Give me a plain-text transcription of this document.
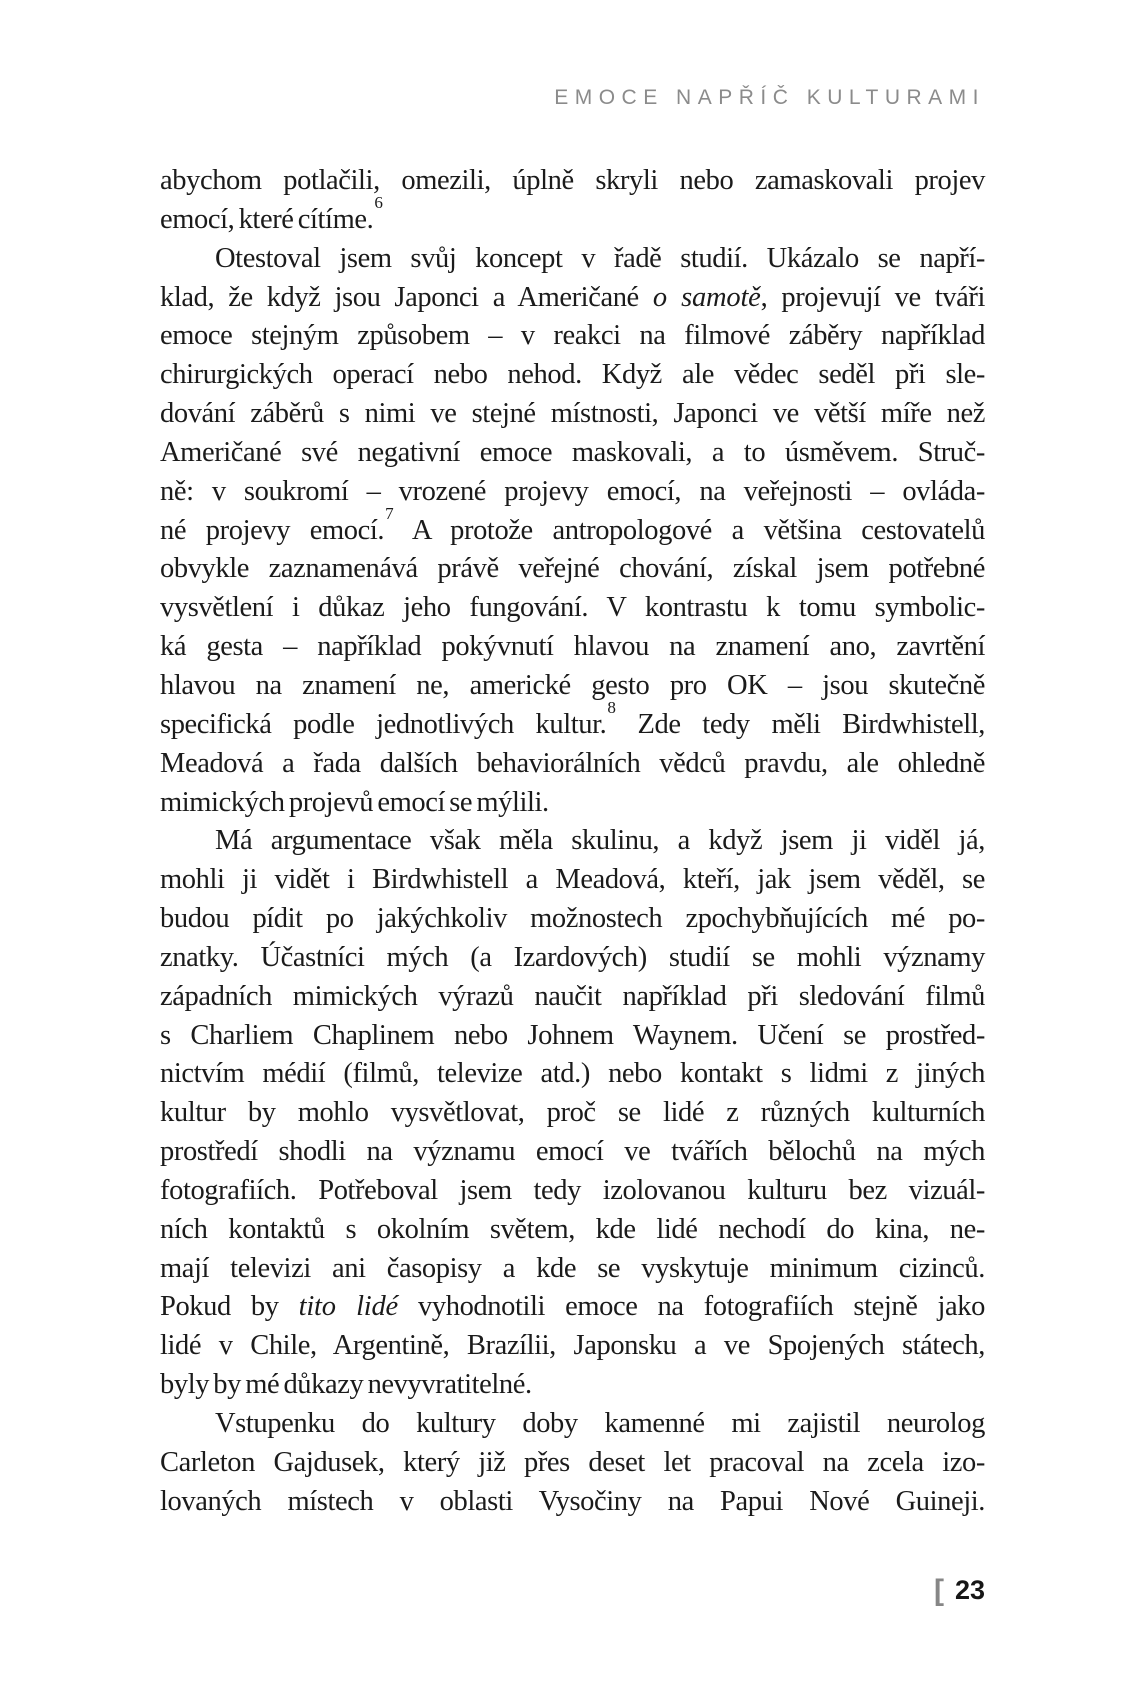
EMOCE NAPŘÍČ KULTURAMI
abychom potlačili, omezili, úplně skryli nebo zamaskovali projev
emocí, které cítíme.$^6$
Otestoval jsem svůj koncept v řadě studií. Ukázalo se napří-
klad, že když jsou Japonci a Američané o samotě, projevují ve tváři
emoce stejným způsobem – v reakci na filmové záběry například
chirurgických operací nebo nehod. Když ale vědec seděl při sle-
dování záběrů s nimi ve stejné místnosti, Japonci ve větší míře než
Američané své negativní emoce maskovali, a to úsměvem. Struč-
ně: v soukromí – vrozené projevy emocí, na veřejnosti – ovláda-
né projevy emocí.$^7$ A protože antropologové a většina cestovatelů
obvykle zaznamenává právě veřejné chování, získal jsem potřebné
vysvětlení i důkaz jeho fungování. V kontrastu k tomu symbolic-
ká gesta – například pokývnutí hlavou na znamení ano, zavrtění
hlavou na znamení ne, americké gesto pro OK – jsou skutečně
specifická podle jednotlivých kultur.$^8$ Zde tedy měli Birdwhistell,
Meadová a řada dalších behaviorálních vědců pravdu, ale ohledně
mimických projevů emocí se mýlili.
Má argumentace však měla skulinu, a když jsem ji viděl já,
mohli ji vidět i Birdwhistell a Meadová, kteří, jak jsem věděl, se
budou pídit po jakýchkoliv možnostech zpochybňujících mé po-
znatky. Účastníci mých (a Izardových) studií se mohli významy
západních mimických výrazů naučit například při sledování filmů
s Charliem Chaplinem nebo Johnem Waynem. Učení se prostřed-
nictvím médií (filmů, televize atd.) nebo kontakt s lidmi z jiných
kultur by mohlo vysvětlovat, proč se lidé z různých kulturních
prostředí shodli na významu emocí ve tvářích bělochů na mých
fotografiích. Potřeboval jsem tedy izolovanou kulturu bez vizuál-
ních kontaktů s okolním světem, kde lidé nechodí do kina, ne-
mají televizi ani časopisy a kde se vyskytuje minimum cizinců.
Pokud by tito lidé vyhodnotili emoce na fotografiích stejně jako
lidé v Chile, Argentině, Brazílii, Japonsku a ve Spojených státech,
byly by mé důkazy nevyvratitelné.
Vstupenku do kultury doby kamenné mi zajistil neurolog
Carleton Gajdusek, který již přes deset let pracoval na zcela izo-
lovaných místech v oblasti Vysočiny na Papui Nové Guineji.
[ 23
